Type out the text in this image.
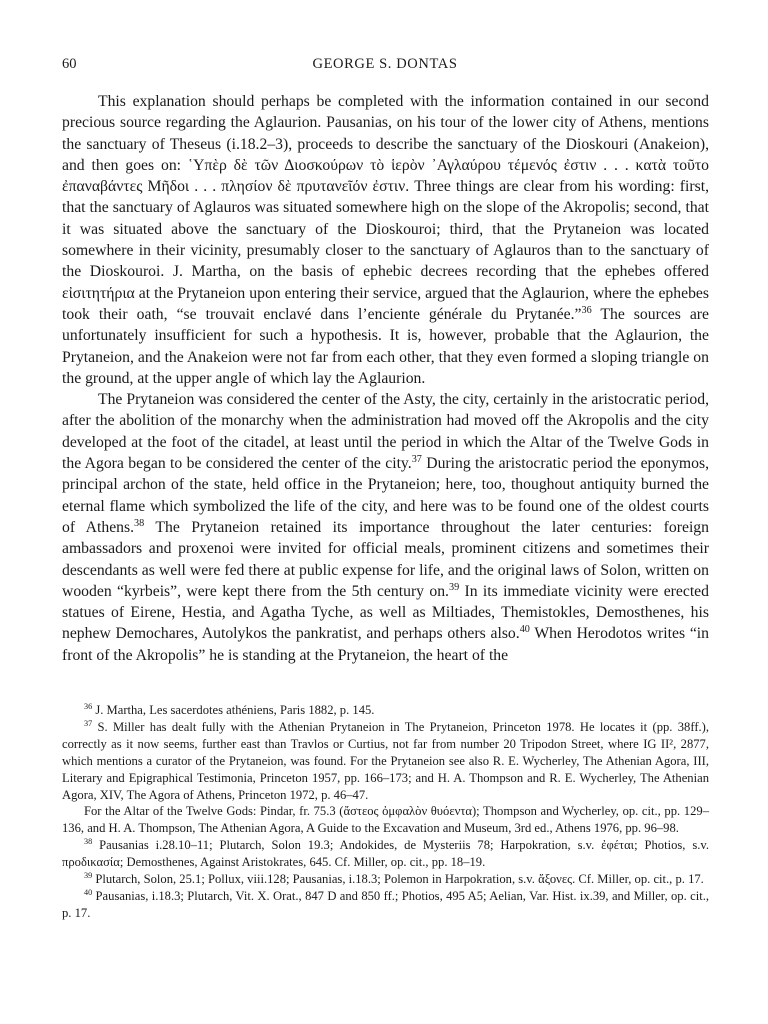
60	GEORGE S. DONTAS

This explanation should perhaps be completed with the information contained in our second precious source regarding the Aglaurion. Pausanias, on his tour of the lower city of Athens, mentions the sanctuary of Theseus (i.18.2–3), proceeds to describe the sanctuary of the Dioskouri (Anakeion), and then goes on: ῾Υπὲρ δὲ τῶν Διοσκούρων τὸ ἱερὸν ᾿Αγλαύρου τέμενός ἐστιν . . . κατὰ τοῦτο ἐπαναβάντες Μῆδοι . . . πλησίον δὲ πρυτανεῖόν ἐστιν. Three things are clear from his wording: first, that the sanctuary of Aglauros was situated somewhere high on the slope of the Akropolis; second, that it was situated above the sanctuary of the Dioskouroi; third, that the Prytaneion was located somewhere in their vicinity, presumably closer to the sanctuary of Aglauros than to the sanctuary of the Dioskouroi. J. Martha, on the basis of ephebic decrees recording that the ephebes offered εἰσιτητήρια at the Prytaneion upon entering their service, argued that the Aglaurion, where the ephebes took their oath, “se trouvait enclavé dans l’enciente générale du Prytanée.”$^{36}$ The sources are unfortunately insufficient for such a hypothesis. It is, however, probable that the Aglaurion, the Prytaneion, and the Anakeion were not far from each other, that they even formed a sloping triangle on the ground, at the upper angle of which lay the Aglaurion.

The Prytaneion was considered the center of the Asty, the city, certainly in the aristocratic period, after the abolition of the monarchy when the administration had moved off the Akropolis and the city developed at the foot of the citadel, at least until the period in which the Altar of the Twelve Gods in the Agora began to be considered the center of the city.$^{37}$ During the aristocratic period the eponymos, principal archon of the state, held office in the Prytaneion; here, too, thoughout antiquity burned the eternal flame which symbolized the life of the city, and here was to be found one of the oldest courts of Athens.$^{38}$ The Prytaneion retained its importance throughout the later centuries: foreign ambassadors and proxenoi were invited for official meals, prominent citizens and sometimes their descendants as well were fed there at public expense for life, and the original laws of Solon, written on wooden “kyrbeis”, were kept there from the 5th century on.$^{39}$ In its immediate vicinity were erected statues of Eirene, Hestia, and Agatha Tyche, as well as Miltiades, Themistokles, Demosthenes, his nephew Demochares, Autolykos the pankratist, and perhaps others also.$^{40}$ When Herodotos writes “in front of the Akropolis” he is standing at the Prytaneion, the heart of the

$^{36}$ J. Martha, Les sacerdotes athéniens, Paris 1882, p. 145.

$^{37}$ S. Miller has dealt fully with the Athenian Prytaneion in The Prytaneion, Princeton 1978. He locates it (pp. 38ff.), correctly as it now seems, further east than Travlos or Curtius, not far from number 20 Tripodon Street, where IG II², 2877, which mentions a curator of the Prytaneion, was found. For the Prytaneion see also R. E. Wycherley, The Athenian Agora, III, Literary and Epigraphical Testimonia, Princeton 1957, pp. 166–173; and H. A. Thompson and R. E. Wycherley, The Athenian Agora, XIV, The Agora of Athens, Princeton 1972, p. 46–47.

For the Altar of the Twelve Gods: Pindar, fr. 75.3 (ἄστεος ὀμφαλὸν θυόεντα); Thompson and Wycherley, op. cit., pp. 129–136, and H. A. Thompson, The Athenian Agora, A Guide to the Excavation and Museum, 3rd ed., Athens 1976, pp. 96–98.

$^{38}$ Pausanias i.28.10–11; Plutarch, Solon 19.3; Andokides, de Mysteriis 78; Harpokration, s.v. ἐφέται; Photios, s.v. προδικασία; Demosthenes, Against Aristokrates, 645. Cf. Miller, op. cit., pp. 18–19.

$^{39}$ Plutarch, Solon, 25.1; Pollux, viii.128; Pausanias, i.18.3; Polemon in Harpokration, s.v. ἄξονες. Cf. Miller, op. cit., p. 17.

$^{40}$ Pausanias, i.18.3; Plutarch, Vit. X. Orat., 847 D and 850 ff.; Photios, 495 A5; Aelian, Var. Hist. ix.39, and Miller, op. cit., p. 17.
